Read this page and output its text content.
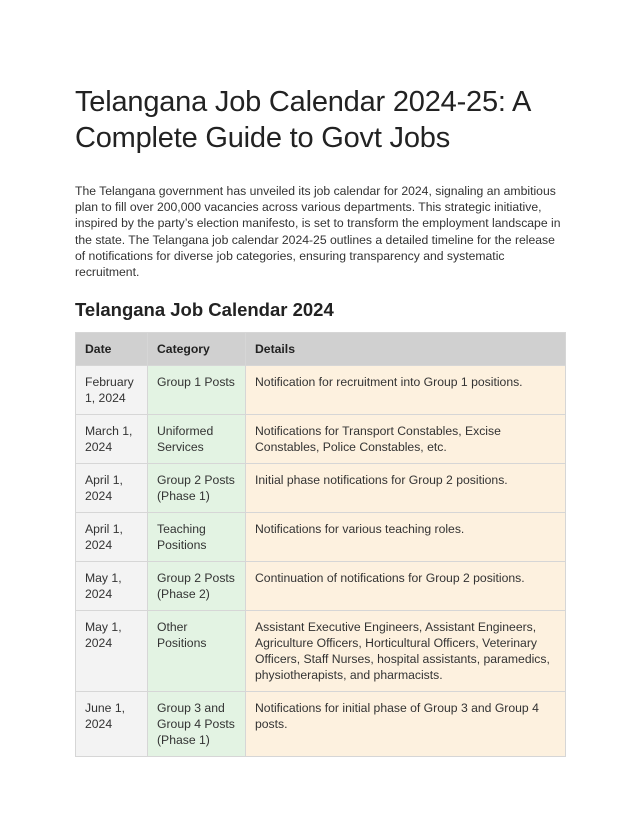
Telangana Job Calendar 2024-25: A Complete Guide to Govt Jobs

The Telangana government has unveiled its job calendar for 2024, signaling an ambitious plan to fill over 200,000 vacancies across various departments. This strategic initiative, inspired by the party’s election manifesto, is set to transform the employment landscape in the state. The Telangana job calendar 2024-25 outlines a detailed timeline for the release of notifications for diverse job categories, ensuring transparency and systematic recruitment.

Telangana Job Calendar 2024
Date	Category	Details
February 1, 2024	Group 1 Posts	Notification for recruitment into Group 1 positions.
March 1, 2024	Uniformed Services	Notifications for Transport Constables, Excise Constables, Police Constables, etc.
April 1, 2024	Group 2 Posts (Phase 1)	Initial phase notifications for Group 2 positions.
April 1, 2024	Teaching Positions	Notifications for various teaching roles.
May 1, 2024	Group 2 Posts (Phase 2)	Continuation of notifications for Group 2 positions.
May 1, 2024	Other Positions	Assistant Executive Engineers, Assistant Engineers, Agriculture Officers, Horticultural Officers, Veterinary Officers, Staff Nurses, hospital assistants, paramedics, physiotherapists, and pharmacists.
June 1, 2024	Group 3 and Group 4 Posts (Phase 1)	Notifications for initial phase of Group 3 and Group 4 posts.
